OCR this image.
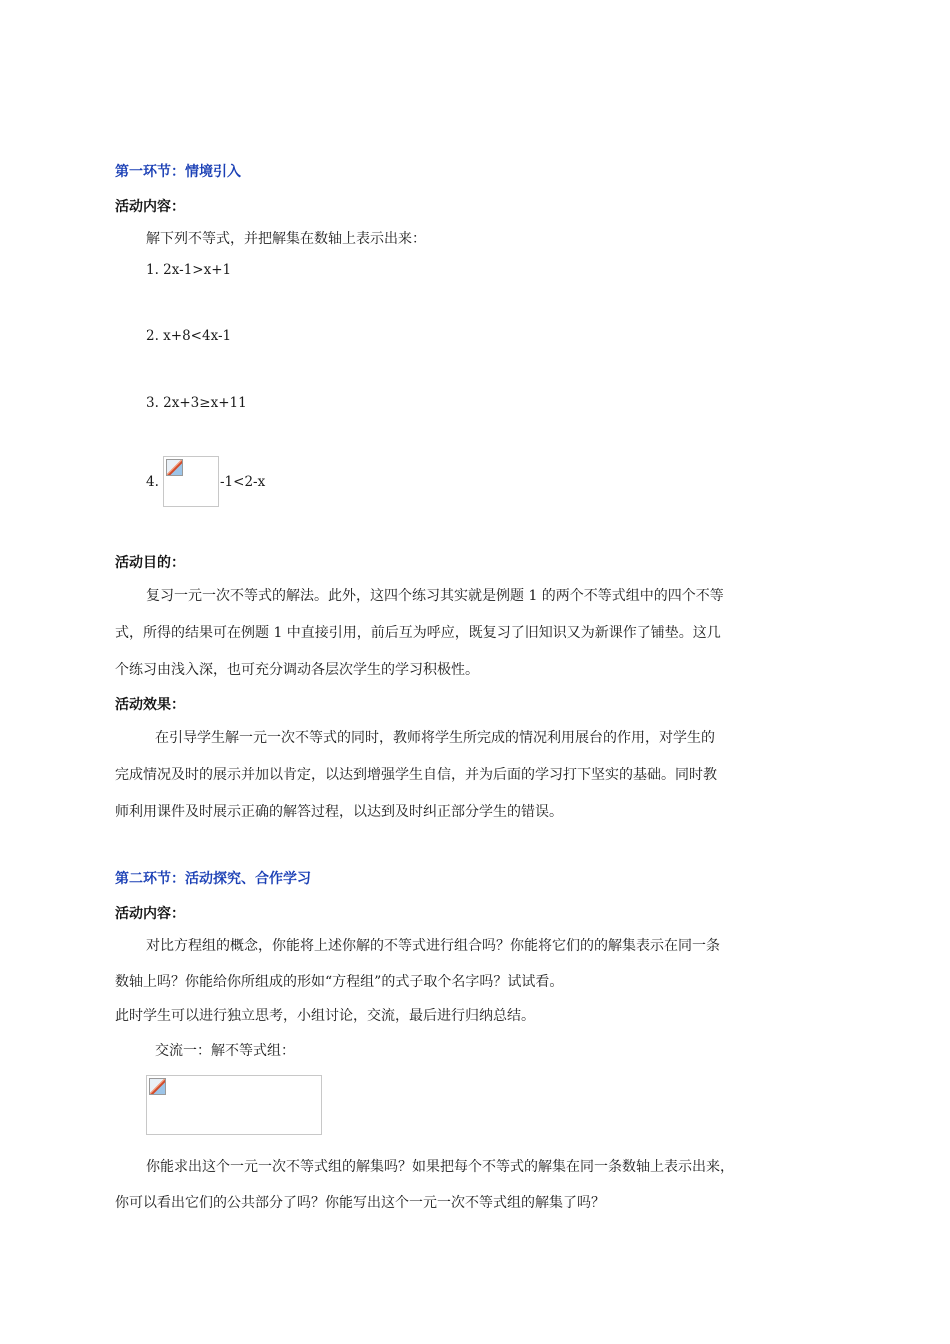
第一环节：情境引入
活动内容：
解下列不等式，并把解集在数轴上表示出来：
1. 2x-1>x+1
2. x+8<4x-1
3. 2x+3≥x+11
4.	-1<2-x
活动目的：
复习一元一次不等式的解法。此外，这四个练习其实就是例题 1 的两个不等式组中的四个不等
式，所得的结果可在例题 1 中直接引用，前后互为呼应，既复习了旧知识又为新课作了铺垫。这几
个练习由浅入深，也可充分调动各层次学生的学习积极性。
活动效果：
在引导学生解一元一次不等式的同时，教师将学生所完成的情况利用展台的作用，对学生的
完成情况及时的展示并加以肯定，以达到增强学生自信，并为后面的学习打下坚实的基础。同时教
师利用课件及时展示正确的解答过程，以达到及时纠正部分学生的错误。
第二环节：活动探究、合作学习
活动内容：
对比方程组的概念，你能将上述你解的不等式进行组合吗？你能将它们的的解集表示在同一条
数轴上吗？你能给你所组成的形如“方程组”的式子取个名字吗？试试看。
此时学生可以进行独立思考，小组讨论，交流，最后进行归纳总结。
交流一：解不等式组：
你能求出这个一元一次不等式组的解集吗？如果把每个不等式的解集在同一条数轴上表示出来，
你可以看出它们的公共部分了吗？你能写出这个一元一次不等式组的解集了吗？
